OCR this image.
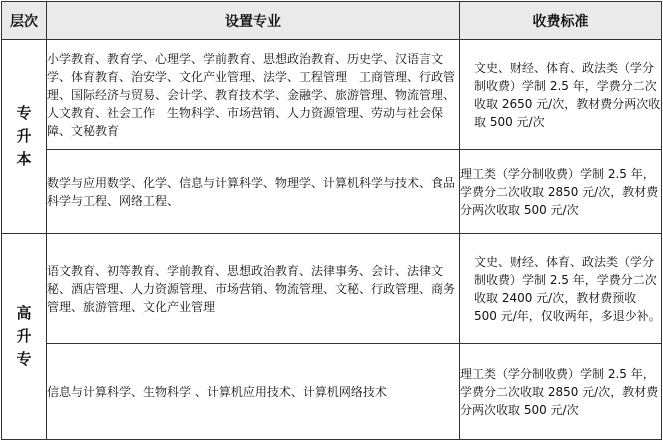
层次	设置专业	收费标准

专
升
本	小学教育、教育学、心理学、学前教育、思想政治教育、历史学、汉语言文学、体育教育、治安学、文化产业管理、法学、工程管理　工商管理、行政管理、国际经济与贸易、会计学、教育技术学、金融学、旅游管理、物流管理、人文教育、社会工作　生物科学、市场营销、人力资源管理、劳动与社会保障、文秘教育	文史、财经、体育、政法类（学分制收费）学制 2.5 年，学费分二次收取 2650 元/次，教材费分两次收取 500 元/次
	数学与应用数学、化学、信息与计算科学、物理学、计算机科学与技术、食品科学与工程、网络工程、	理工类（学分制收费）学制 2.5 年，学费分二次收取 2850 元/次，教材费分两次收取 500 元/次

高
升
专	语文教育、初等教育、学前教育、思想政治教育、法律事务、会计、法律文秘、酒店管理、人力资源管理、市场营销、物流管理、文秘、行政管理、商务管理、旅游管理、文化产业管理	文史、财经、体育、政法类（学分制收费）学制 2.5 年，学费分二次收取 2400 元/次，教材费预收 500 元/年，仅收两年，多退少补。
	信息与计算科学、生物科学 、计算机应用技术、计算机网络技术	理工类（学分制收费）学制 2.5 年，学费分二次收取 2850 元/次，教材费分两次收取 500 元/次
